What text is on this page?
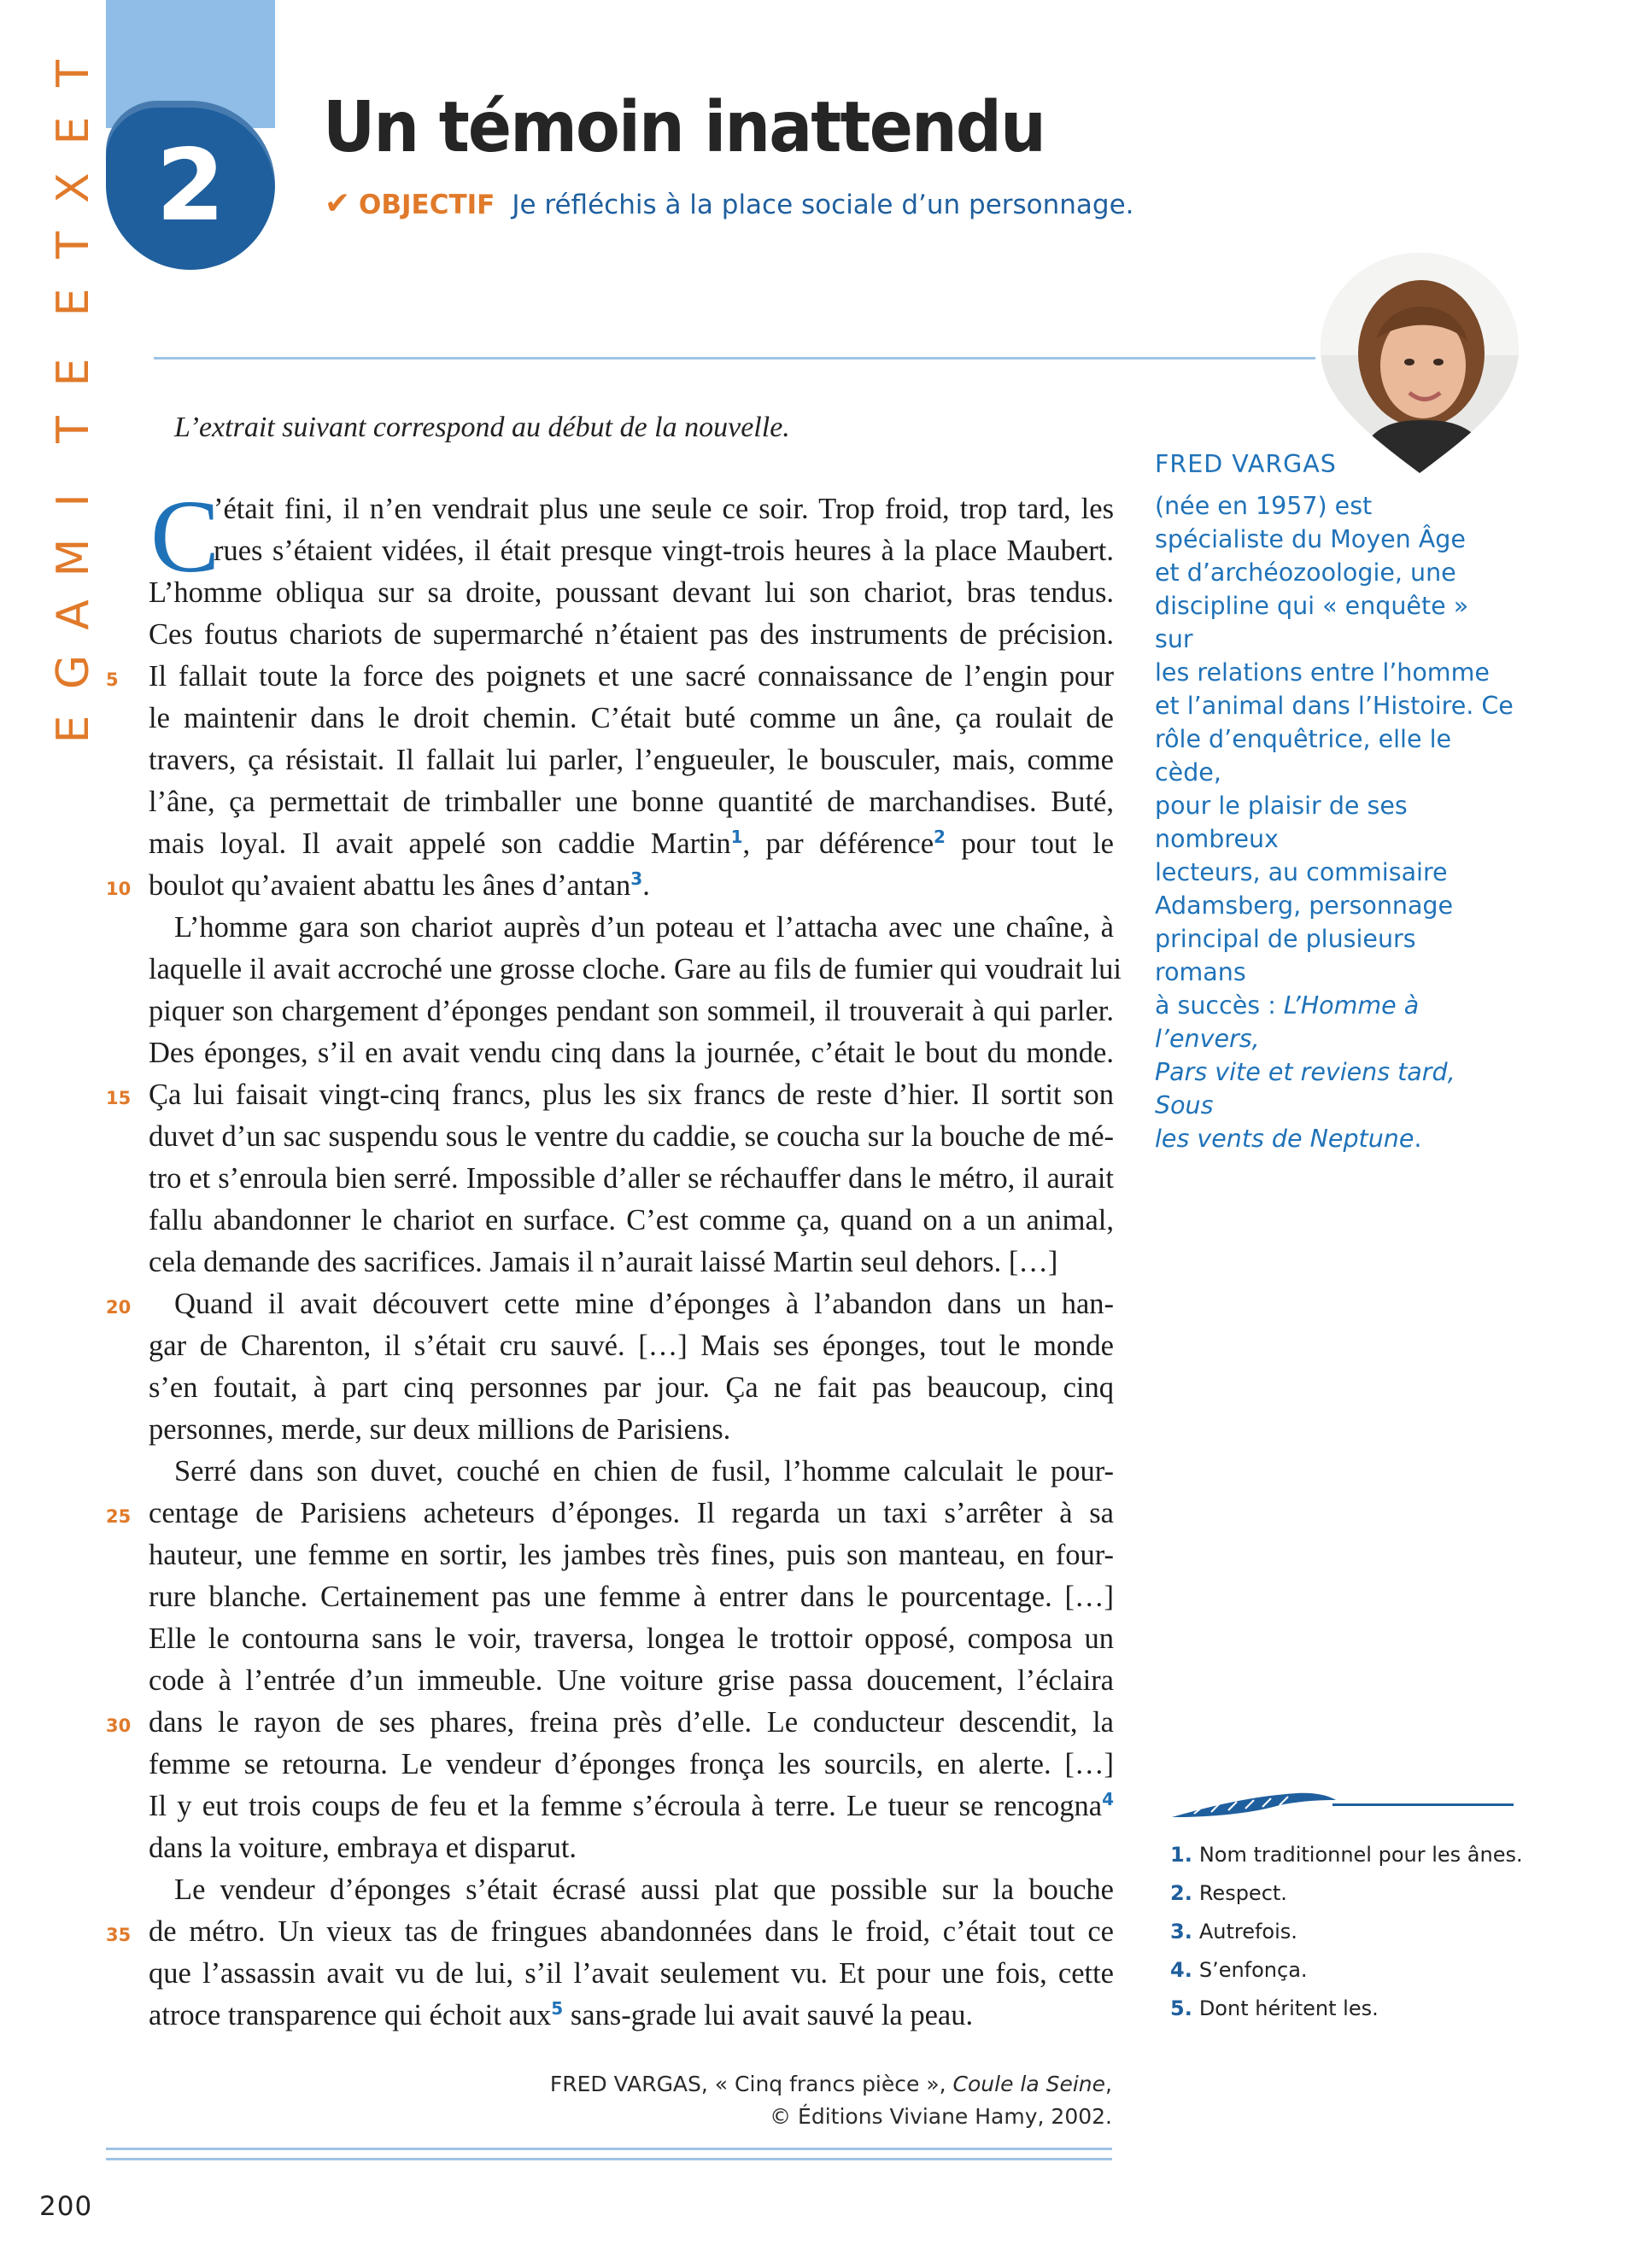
T
E
X
T
E
E
T
I
M
A
G
E
2	Un témoin inattendu
✔ OBJECTIF Je réfléchis à la place sociale d’un personnage.
FRED VARGAS

(née en 1957) est

spécialiste du Moyen Âge

et d’archéozoologie, une

discipline qui « enquête » sur

les relations entre l’homme

et l’animal dans l’Histoire. Ce

rôle d’enquêtrice, elle le cède,

pour le plaisir de ses nombreux

lecteurs, au commisaire

Adamsberg, personnage

principal de plusieurs romans

à succès : L’Homme à l’envers,

Pars vite et reviens tard, Sous

les vents de Neptune.

L’extrait suivant correspond au début de la nouvelle.

C
’était fini, il n’en vendrait plus une seule ce soir. Trop froid, trop tard, les
rues s’étaient vidées, il était presque vingt-trois heures à la place Maubert.
L’homme obliqua sur sa droite, poussant devant lui son chariot, bras tendus.
Ces foutus chariots de supermarché n’étaient pas des instruments de précision.
Il fallait toute la force des poignets et une sacré connaissance de l’engin pour
le maintenir dans le droit chemin. C’était buté comme un âne, ça roulait de
travers, ça résistait. Il fallait lui parler, l’engueuler, le bousculer, mais, comme
l’âne, ça permettait de trimballer une bonne quantité de marchandises. Buté,
mais loyal. Il avait appelé son caddie Martin$^1$, par déférence$^2$ pour tout le
boulot qu’avaient abattu les ânes d’antan$^3$.
L’homme gara son chariot auprès d’un poteau et l’attacha avec une chaîne, à
laquelle il avait accroché une grosse cloche. Gare au fils de fumier qui voudrait lui
piquer son chargement d’éponges pendant son sommeil, il trouverait à qui parler.
Des éponges, s’il en avait vendu cinq dans la journée, c’était le bout du monde.
Ça lui faisait vingt-cinq francs, plus les six francs de reste d’hier. Il sortit son
duvet d’un sac suspendu sous le ventre du caddie, se coucha sur la bouche de mé-
tro et s’enroula bien serré. Impossible d’aller se réchauffer dans le métro, il aurait
fallu abandonner le chariot en surface. C’est comme ça, quand on a un animal,
cela demande des sacrifices. Jamais il n’aurait laissé Martin seul dehors. […]
Quand il avait découvert cette mine d’éponges à l’abandon dans un han-
gar de Charenton, il s’était cru sauvé. […] Mais ses éponges, tout le monde
s’en foutait, à part cinq personnes par jour. Ça ne fait pas beaucoup, cinq
personnes, merde, sur deux millions de Parisiens.
Serré dans son duvet, couché en chien de fusil, l’homme calculait le pour-
centage de Parisiens acheteurs d’éponges. Il regarda un taxi s’arrêter à sa
hauteur, une femme en sortir, les jambes très fines, puis son manteau, en four-
rure blanche. Certainement pas une femme à entrer dans le pourcentage. […]
Elle le contourna sans le voir, traversa, longea le trottoir opposé, composa un
code à l’entrée d’un immeuble. Une voiture grise passa doucement, l’éclaira
dans le rayon de ses phares, freina près d’elle. Le conducteur descendit, la
femme se retourna. Le vendeur d’éponges fronça les sourcils, en alerte. […]
Il y eut trois coups de feu et la femme s’écroula à terre. Le tueur se rencogna$^4$
dans la voiture, embraya et disparut.
Le vendeur d’éponges s’était écrasé aussi plat que possible sur la bouche
de métro. Un vieux tas de fringues abandonnées dans le froid, c’était tout ce
que l’assassin avait vu de lui, s’il l’avait seulement vu. Et pour une fois, cette
atroce transparence qui échoit aux$^5$ sans-grade lui avait sauvé la peau.
5
10
15
20
25
30
35
FRED VARGAS, « Cinq francs pièce », Coule la Seine,
© Éditions Viviane Hamy, 2002.
200
1. Nom traditionnel pour les ânes.
2. Respect.
3. Autrefois.
4. S’enfonça.
5. Dont héritent les.
